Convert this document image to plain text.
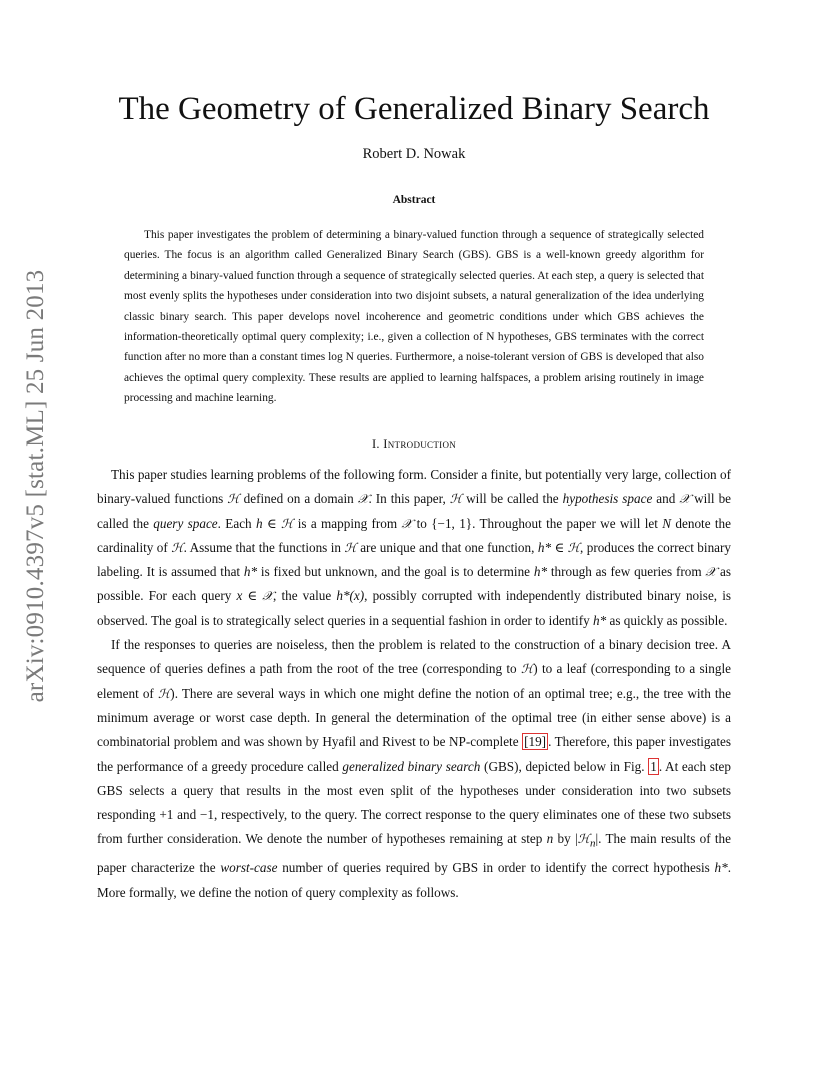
arXiv:0910.4397v5 [stat.ML] 25 Jun 2013
The Geometry of Generalized Binary Search

Robert D. Nowak

Abstract

This paper investigates the problem of determining a binary-valued function through a sequence of strategically selected queries. The focus is an algorithm called Generalized Binary Search (GBS). GBS is a well-known greedy algorithm for determining a binary-valued function through a sequence of strategically selected queries. At each step, a query is selected that most evenly splits the hypotheses under consideration into two disjoint subsets, a natural generalization of the idea underlying classic binary search. This paper develops novel incoherence and geometric conditions under which GBS achieves the information-theoretically optimal query complexity; i.e., given a collection of N hypotheses, GBS terminates with the correct function after no more than a constant times log N queries. Furthermore, a noise-tolerant version of GBS is developed that also achieves the optimal query complexity. These results are applied to learning halfspaces, a problem arising routinely in image processing and machine learning.

I. Introduction

This paper studies learning problems of the following form. Consider a finite, but potentially very large, collection of binary-valued functions ℋ defined on a domain 𝒳. In this paper, ℋ will be called the hypothesis space and 𝒳 will be called the query space. Each h ∈ ℋ is a mapping from 𝒳 to {−1, 1}. Throughout the paper we will let N denote the cardinality of ℋ. Assume that the functions in ℋ are unique and that one function, h* ∈ ℋ, produces the correct binary labeling. It is assumed that h* is fixed but unknown, and the goal is to determine h* through as few queries from 𝒳 as possible. For each query x ∈ 𝒳, the value h*(x), possibly corrupted with independently distributed binary noise, is observed. The goal is to strategically select queries in a sequential fashion in order to identify h* as quickly as possible.

If the responses to queries are noiseless, then the problem is related to the construction of a binary decision tree. A sequence of queries defines a path from the root of the tree (corresponding to ℋ) to a leaf (corresponding to a single element of ℋ). There are several ways in which one might define the notion of an optimal tree; e.g., the tree with the minimum average or worst case depth. In general the determination of the optimal tree (in either sense above) is a combinatorial problem and was shown by Hyafil and Rivest to be NP-complete [19] . Therefore, this paper investigates the performance of a greedy procedure called generalized binary search (GBS), depicted below in Fig. 1 . At each step GBS selects a query that results in the most even split of the hypotheses under consideration into two subsets responding +1 and −1, respectively, to the query. The correct response to the query eliminates one of these two subsets from further consideration. We denote the number of hypotheses remaining at step n by |ℋ$_n$|. The main results of the paper characterize the worst-case number of queries required by GBS in order to identify the correct hypothesis h*. More formally, we define the notion of query complexity as follows.
